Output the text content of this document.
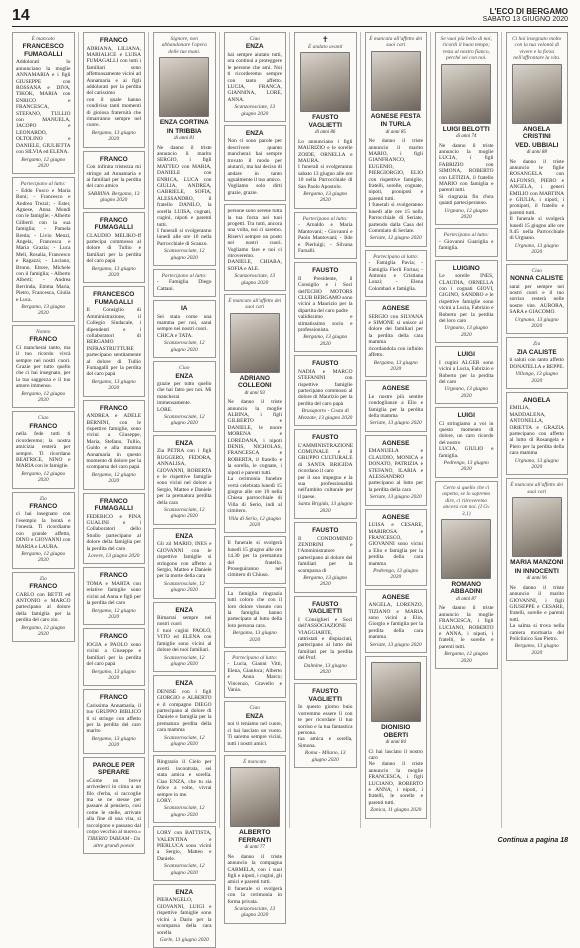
14	L'ECO DI BERGAMO
SABATO 13 GIUGNO 2020
È mancato
FRANCESCO FUMAGALLI
Addolorati lo annunciano la moglie ANNAMARIA e i figli GIUSEPPE con ROSSANA e DIVA, TIKOK, MARIA con ENRICO e FRANCESCA, STEFANO, TULLIO con MANUELA, JACOPO e LEONARDO, OLTOLINO e DANIELE, GIULIETTA con SILVIA ed ELENA.
Bergamo, 12 giugno 2020
Partecipano al lutto:
- Eddo Fusco e Maria Boni; - Francesco e Andrea Trezzi; - Ester, Agnese, Anna Mondi con le famiglie; - Alberto Gilberti con la sua famiglia; - Pamela Breda; - Livio Menzi, Angela, Francesca e Maria Grazia; - Luca Meli, Rosalia, Francesco e Ragazzi; - Luciano, Bruno, Ettore, Michele con il famiglia; - Alberto Alberti; - Andrea Berrinda, Emma Maria, Pietro, Francesca, Giulia e Luca.
Bergamo, 13 giugno 2020
Nonno
FRANCO
Ci mancherai tanto, ma il tuo ricordo vivrà sempre nei nostri cuori. Grazie per tutto quello che ci hai insegnato, per la tua saggezza e il tuo amore immenso.
Bergamo, 12 giugno 2020
Ciao
FRANCO
nella fede tutti ti ricorderemo; la nostra amicizia resterà per sempre. Ti ricordano BEATRICE, NINO e MARIA con le famiglie.
Bergamo, 12 giugno 2020
Zio
FRANCO
ci hai insegnato con l'esempio la bontà e l'onestà. Ti ricordiamo con grande affetto, DINO e GIOVANNI con MARIA e LAURA.
Bergamo, 12 giugno 2020
Zio
FRANCO
CARLO con BETTI ed ANTONIO e MARCO partecipano al dolore della famiglia per la perdita del caro zio.
Bergamo, 12 giugno 2020
FRANCO
ADRIANA, LILIANA, MARIALICE e LUISA FUMAGALLI con tutti i familiari sono affettuosamente vicini ad Annamaria e ai figli addolorati per la perdita del carissimo
con il quale hanno condiviso tanti momenti di gioiosa fraternità che rimarranno sempre nel cuore.
Bergamo, 13 giugno 2020
FRANCO
Con infinita tristezza mi stringo ad Annamaria e ai familiari per la perdita del caro amico
SABRINA. Bergamo, 13 giugno 2020
FRANCO FUMAGALLI
CLAUDIO MELIKO-ff partecipa commosso al dolore di Tullio e familiari per la perdita del caro papà
Bergamo, 13 giugno 2020
FRANCESCO FUMAGALLI
Il Consiglio di Amministrazione, il Collegio Sindacale, i dipendenti e i collaboratori di BERGAMO INFRASTRUTTURE partecipano sentitamente al dolore di Tullio Fumagalli per la perdita del caro papà
Bergamo, 13 giugno 2020
FRANCO
ANDREA e ADELE BERNINI, con le rispettive famiglie, sono vicini a Giuseppe, Maria, Stefano, Tullio, Guido e alla mamma Annamaria in questo momento di dolore per la scomparsa del caro papà
Bergamo, 12 giugno 2020
FRANCO FUMAGALLI
FEDERICO e PINA GUALINI e i Collaboratori dello Studio partecipano al dolore della famiglia per la perdita del caro
Lovere, 13 giugno 2020
FRANCO
TOMA e MARTA con relative famiglie sono vicini ad Anna e figli per la perdita del caro
Bergamo, 12 giugno 2020
FRANCO
IOGIA e PAOLO sono vicini a Giuseppe e familiari per la perdita del caro papà
Bergamo, 13 giugno 2020
FRANCO
Carissima Annamaria, il tuo GRUPPO BIBLICO ti si stringe con affetto per la perdita del caro marito
Bergamo, 13 giugno 2020
PAROLE PER SPERARE
«Come un breve arrivederci in cima a un filo d'erba, si raccoglie ma se ne stesse per passare al pensiero, così come le stelle, arrivate alla fine di una vita, si raccolgono e passano dal corpo vecchio al nuovo.»
TIBERIO TABEAM - Da altre grandi poesie
Signore, non abbandonare l'opera delle tue mani.
ENZA CORTINA
IN TRIBBIA
di anni 81
Ne danno il triste annuncio il marito SERGIO, i figli MATTEO con MARIA, DANIELE con ENRICA, LUCA con GIULIA, ANDREA, GABRIELE, SOFIA, ALESSANDRO, il fratello DANILO, la sorella LUISA, cognati, cugini, nipoti e parenti tutti.
I funerali si svolgeranno lunedì alle ore 10 nella Parrocchiale di Scanzo.
Scanzorosciate, 12 giugno 2020
Partecipano al lutto:
- Famiglia Diego Cattani.
IA
Sei stata come una mamma per noi, sarai sempre nei nostri cuori.
CHICA e TATA.
Scanzorosciate, 12 giugno 2020
Ciao
ENZA
grazie per tutto quello che hai fatto per noi. Mi mancherai immensamente.
LORE.
Scanzorosciate, 12 giugno 2020
ENZA
Zia PETRA con i figli RUGGERO, FEDORA, ANNALISA, GIOVANNI, ROBERTA e le rispettive famiglie sono vicini nel dolore a Sergio, Matteo e Daniele per la prematura perdita della cara
Scanzorosciate, 12 giugno 2020
ENZA
Gli zii MARIO, INES e GIOVANNI con le rispettive famiglie si stringono con affetto a Sergio, Matteo e Daniele per la morte della cara
Scanzorosciate, 12 giugno 2020
ENZA
Rimarrai sempre nei nostri cuori
I tuoi cugini PAOLO, VITO ed ELENA con famiglie sono vicini al dolore dei tuoi familiari.
Scanzorosciate, 12 giugno 2020
ENZA
DENISE con i figli GIORGIO e ALBERTO e il compagno DIEGO partecipano al dolore di Daniele e famiglia per la prematura perdita della cara mamma
Scanzorosciate, 12 giugno 2020
Ringrazio il Cielo per averti incontrata, sei stata amica e sorella. Ciao ENZA, che tu sia felice a volte, vivrai sempre in me.
LORY.
Scanzorosciate, 12 giugno 2020
LORY con BATTISTA, VALENTINA e PIERLUCA sono vicini a Sergio, Matteo e Daniele.
Scanzorosciate, 12 giugno 2020
ENZA
PIERANGELO, GIOVANNI, LUIGI e rispettive famiglie sono vicini a Dario per la scomparsa della cara sorella
Gorle, 13 giugno 2020
Ciao
ENZA
hai sempre aiutato tutti, ora continui a proteggere le persone che ami. Noi ti ricorderemo sempre con tanto affetto. LUCIA, FRANCA, GIANNINA, LORE, ANNA.
Scanzorosciate, 13 giugno 2020
ENZA
Non ci sono parole per descrivere quanto mancherai: hai sempre trovato il modo per aiutarci, ma hai deciso di andare in tanto ugualmente il tuo amico.
Vogliamo solo dirti grazie, grazie.
persone sono serene tutta la tua forza nei tuoi progetti. Tra tutti, ancora una volta, noi ci saremo. Riservi sempre un posto nei nostri cuori. Vogliamo fare e noi ci ritroveremo.
DANIELE, CHIARA, SOFIA e ALE.
Scanzorosciate, 13 giugno 2020
È mancato all'affetto dei suoi cari
ADRIANO COLLEONI
di anni 93
Ne danno il triste annuncio la moglie ALBINA, i figli GILBERTO e DANIELE, le nuore MORENA e LOREDANA, i nipoti DENIS, NICHOLAS, FRANCESCA e ROBERTA, il fratello e la sorella, le cognate, i nipoti e parenti tutti.
La cerimonia funebre verrà celebrata lunedì 15 giugno alle ore 10 nella Chiesa parrocchiale di Villa di Serio, indi al cimitero.
Villa di Serio, 12 giugno 2020
Il funerale si svolgerà lunedì 15 giugno alle ore 14.30 per la prematura del fratello. Proseguiranno nel cimitero di Chiuso.
La famiglia ringrazia tutti coloro che con il loro dolore vissuto con la famiglia hanno partecipato al lutto della loro persona cara.
Bergamo, 13 giugno 2020
Partecipano al lutto:
- Lucia, Gianni Vitti, Elena, Gianluca; Alberto e Anna Marco; Vincenzo, Gravello e Vania.
Ciao
ENZA
noi ti teniamo nel cuore, ci hai lasciato un vuoto. Ti saremo sempre vicini, tutti i nostri amici.
È mancato
ALBERTO FERRANTI
di anni 77
Ne danno il triste annuncio la compagna CARMELA, con i suoi figli e nipoti, i cugini, gli amici e parenti tutti.
Il funerale si svolgerà con la cerimonia in forma privata.
Scanzorosciate, 13 giugno 2020
✝
È andato avanti
FAUSTO VAGLIETTI
di anni 86
Lo annunciano i figli MAURIZIO e le sorelle ZOIDE, ORNELLA e MAURA.
I funerali si svolgeranno sabato 13 giugno alle ore 10 nella Parrocchiale di San Paolo Apostolo.
Bergamo, 13 giugno 2020
Partecipano al lutto:
- Arnaldo e Maria Mantovani; - Giovanni e Paolo Mantovani; - Ilde e Pierluigi; - Silvana Farsalli.
FAUSTO
Il Presidente, il Consiglio e i Soci dell'ECHO MOTORS CLUB BERGAMO sono vicini a Maurizio per la dipartita del caro padre
validissimo e stimatissimo socio e professionista.
Bergamo, 13 giugno 2020
FAUSTO
NADIA e MARCO STEFANINI con rispettive famiglie partecipano commossi al dolore di Maurizio per la perdita del caro papà
Brusaporto - Costa di Mezzate, 13 giugno 2020
FAUSTO
L'AMMINISTRAZIONE COMUNALE e il GRUPPO CULTURALE di SANTA BRIGIDA ricordano il caro
per il suo impegno e la sua professionalità nell'ambito culturale per il paese.
Santa Brigida, 13 giugno 2020
FAUSTO
Il CONDOMINIO ZENDRINI e l'Amministratore partecipano al dolore dei familiari per la scomparsa di
Bergamo, 13 giugno 2020
FAUSTO VAGLIETTI
I Consiglieri e Soci dell'ASSOCIAZIONE VIAGGIARTE, rattristati e dispiaciuti, partecipano al lutto dei familiari per la perdita del Prof.
Dalmine, 13 giugno 2020
FAUSTO VAGLIETTI
In questo giorno buio vorremmo essere lì con te per ricordare il tuo sorriso e la tua fantastica persona.
tua amica e sorella, Simona.
Roma - Milano, 13 giugno 2020
È mancata all'affetto dei suoi cari
AGNESE FESTA
IN TURLA
di anni 85
Ne danno il triste annuncio il marito MARIO, i figli GIANFRANCO, EUGENIO, PIERGIORGIO, ELIO con rispettive famiglie, fratelli, sorelle, cognate, nipoti, pronipoti e parenti tutti.
I funerali si svolgeranno lunedì alle ore 15 nella Parrocchiale di Seriate, partendo dalla Casa del Commiato di Seriate.
Seriate, 12 giugno 2020
Partecipano al lutto:
- Famiglia Pavia; - Famiglia Fierli Forina; - Antonio e Cristiana Lonzi; - Elena Colombari e famiglia.
AGNESE
SERGIO con SILVANA e SIMONE si unisce al dolore dei familiari per la perdita della cara mamma
ricordandola con infinito affetto.
Bergamo, 13 giugno 2020
AGNESE
Le nostre più sentite condoglianze a Elio e famiglia per la perdita della mamma
Seriate, 13 giugno 2020
AGNESE
EMANUELA e CLAUDIO, MONICA e DONATO, PATRIZIA e STEFANO, ILARIA e ALESSANDRO partecipano al lutto per la perdita della cara
Seriate, 13 giugno 2020
AGNESE
LUISA e CESARE, MARIROSA e FRANCESCO, GIOVANNI sono vicini a Elio e famiglia per la perdita della cara mamma
Pedrengo, 13 giugno 2020
AGNESE
ANGELA, LORENZO, TIZIANO e MARIA sono vicini a Elio, Giorgio e famiglia per la perdita della cara mamma
Seriate, 13 giugno 2020
DIONISIO OBERTI
di anni 84
Ci hai lasciato il nostro caro
Ne danno il triste annuncio la moglie FRANCESCA, i figli LUCIANO, ROBERTO e ANNA, i nipoti, i fratelli, le sorelle e parenti tutti.
Zanica, 11 giugno 2020
Se vuoi più bello di noi, ricordi il buon tempo; resta al nostro fianco, perché sei con noi.
LUIGI BELOTTI
di anni 74
Ne danno il triste annuncio la moglie LUCIA, i figli FABRIZIO con SIMONA, ROBERTO con LETIZIA, il fratello MARIO con famiglia e parenti tutti.
Si ringrazia fin d'ora quanti parteciperanno.
Urgnano, 12 giugno 2020
Partecipano al lutto:
- Giovanni Guariglia e famiglia.
LUIGINO
Le sorelle INES, CLAUDIA, ORNELLA con i cognati GIOVI, GIGINO, SANDRO e le rispettive famiglie sono vicini a Lucia, Fabrizio e Roberto per la perdita del loro caro
Urgnano, 13 giugno 2020
LUIGI
I cugini ALGER sono vicini a Lucia, Fabrizio e Roberto per la perdita del caro
Urgnano, 13 giugno 2020
LUIGI
Ci stringiamo a voi in questo momento di dolore, un caro ricordo del nostro
LUCIA, GIULIO e famiglia.
Pedrengo, 13 giugno 2020
Certo si quello che ci aspetta, se lo sapremo dire, ci ritroveremo ancora con noi. (I Gv 3,1)
ROMANO ABBADINI
di anni 87
Ne danno il triste annuncio la moglie FRANCESCA, i figli LUCIANO, ROBERTO e ANNA, i nipoti, i fratelli, le sorelle e parenti tutti.
Bergamo, 12 giugno 2020
Ci hai insegnato molto con la tua volontà di vivere e la forza nell'affrontare la vita.
ANGELA CRISTINI
VED. UBBIALI
di anni 88
Ne danno il triste annuncio le figlie ROSANGELA con ALFONSO, PIERO e ANGELA, i generi EMILIO con MARTINA e GIULIA, i nipoti, i pronipoti, il fratello e parenti tutti.
Il funerale si svolgerà lunedì 15 giugno alle ore 9.45 nella Parrocchiale di Urgnano.
Urgnano, 13 giugno 2020
Ciao
NONNA CALISTE
sarai per sempre nei nostri cuori e il tuo sorriso resterà nelle nostre vite. AURORA, SARA e GIACOMO.
Urgnano, 13 giugno 2020
Zia
ZIA CALISTE
ti saluti con tanto affetto DONATELLA e BEPPE.
Villongo, 13 giugno 2020
ANGELA
EMILIA, MADDALENA, ANTONELLA, ORIETTA e GRAZIA partecipano con affetto al lutto di Rosangela e Piero per la perdita della cara mamma
Urgnano, 13 giugno 2020
È mancata all'affetto dei suoi cari
MARIA MANZONI
IN INNOCENTI
di anni 96
Ne danno il triste annuncio il marito GIOVANNI, i figli GIUSEPPE e CESARE, fratelli, sorelle e parenti tutti.
La salma si trova nella camera mortuaria del Policlinico San Pietro.
Bergamo, 13 giugno 2020
Continua a pagina 18
